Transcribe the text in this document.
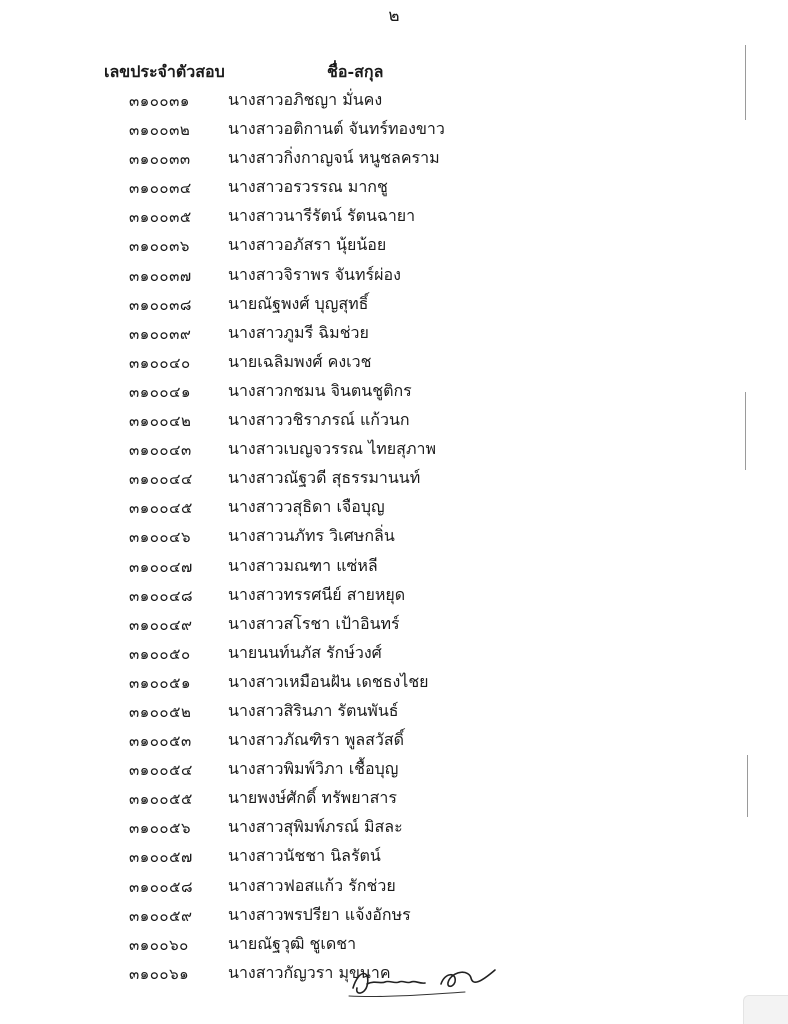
๒
เลขประจำตัวสอบ	ชื่อ-สกุล
๓๑๐๐๓๑ นางสาวอภิชญา มั่นคง
๓๑๐๐๓๒ นางสาวอติกานต์ จันทร์ทองขาว
๓๑๐๐๓๓ นางสาวกิ่งกาญจน์ หนูชลคราม
๓๑๐๐๓๔ นางสาวอรวรรณ มากชู
๓๑๐๐๓๕ นางสาวนารีรัตน์ รัตนฉายา
๓๑๐๐๓๖ นางสาวอภัสรา นุ้ยน้อย
๓๑๐๐๓๗ นางสาวจิราพร จันทร์ผ่อง
๓๑๐๐๓๘ นายณัฐพงศ์ บุญสุทธิ์
๓๑๐๐๓๙ นางสาวภูมรี ฉิมช่วย
๓๑๐๐๔๐ นายเฉลิมพงศ์ คงเวช
๓๑๐๐๔๑ นางสาวกชมน จินตนชูติกร
๓๑๐๐๔๒ นางสาววชิราภรณ์ แก้วนก
๓๑๐๐๔๓ นางสาวเบญจวรรณ ไทยสุภาพ
๓๑๐๐๔๔ นางสาวณัฐวดี สุธรรมานนท์
๓๑๐๐๔๕ นางสาววสุธิดา เจือบุญ
๓๑๐๐๔๖ นางสาวนภัทร วิเศษกลิ่น
๓๑๐๐๔๗ นางสาวมณฑา แซ่หลี
๓๑๐๐๔๘ นางสาวทรรศนีย์ สายหยุด
๓๑๐๐๔๙ นางสาวสโรชา เป้าอินทร์
๓๑๐๐๕๐ นายนนท์นภัส รักษ์วงศ์
๓๑๐๐๕๑ นางสาวเหมือนฝัน เดชธงไชย
๓๑๐๐๕๒ นางสาวสิรินภา รัตนพันธ์
๓๑๐๐๕๓ นางสาวภัณฑิรา พูลสวัสดิ์
๓๑๐๐๕๔ นางสาวพิมพ์วิภา เชื้อบุญ
๓๑๐๐๕๕ นายพงษ์ศักดิ์ ทรัพยาสาร
๓๑๐๐๕๖ นางสาวสุพิมพ์ภรณ์ มิสละ
๓๑๐๐๕๗ นางสาวนัชชา นิลรัตน์
๓๑๐๐๕๘ นางสาวฟอสแก้ว รักช่วย
๓๑๐๐๕๙ นางสาวพรปรียา แจ้งอักษร
๓๑๐๐๖๐ นายณัฐวุฒิ ชูเดชา
๓๑๐๐๖๑ นางสาวกัญวรา มุขนาค
